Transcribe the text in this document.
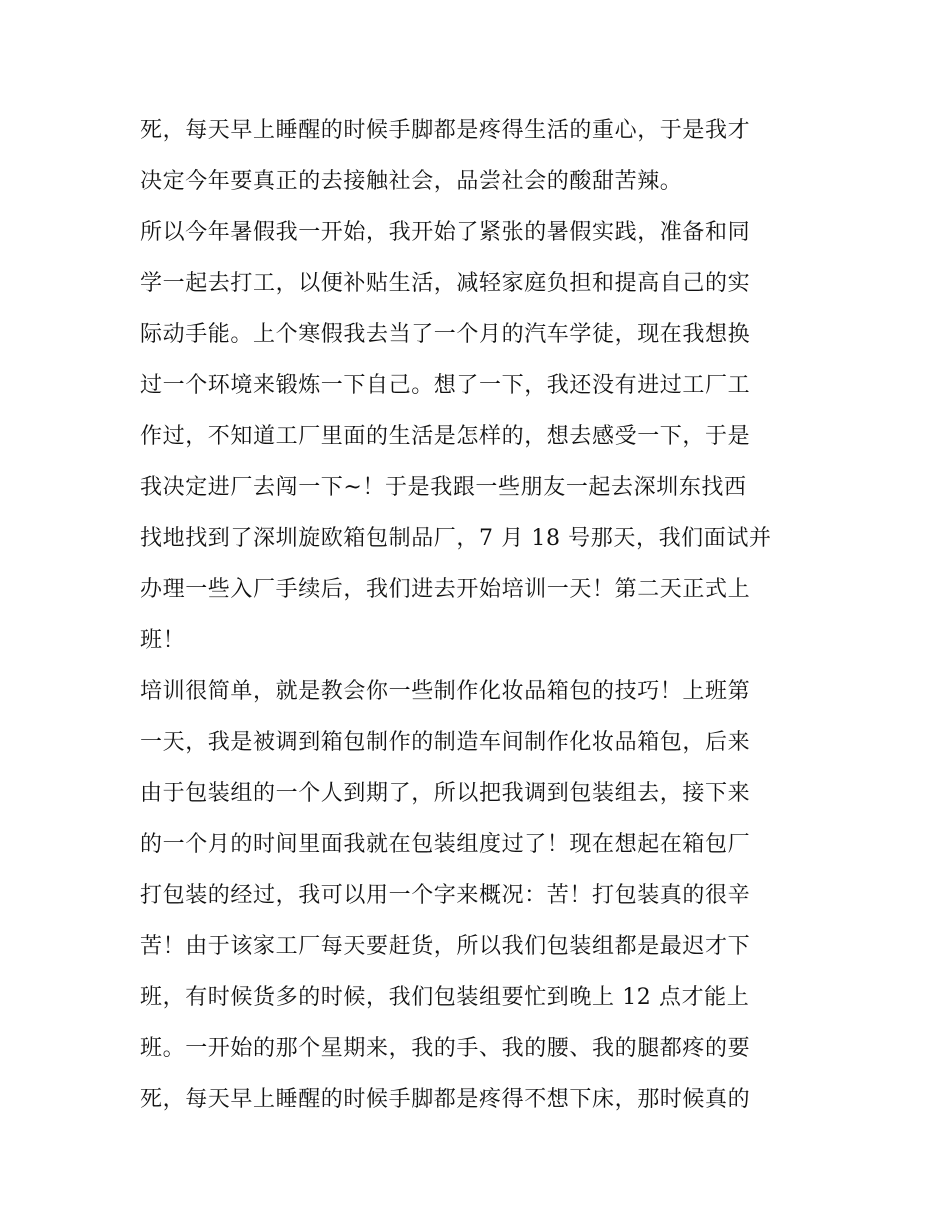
死，每天早上睡醒的时候手脚都是疼得生活的重心，于是我才
决定今年要真正的去接触社会，品尝社会的酸甜苦辣。
所以今年暑假我一开始，我开始了紧张的暑假实践，准备和同
学一起去打工，以便补贴生活，减轻家庭负担和提高自己的实
际动手能。上个寒假我去当了一个月的汽车学徒，现在我想换
过一个环境来锻炼一下自己。想了一下，我还没有进过工厂工
作过，不知道工厂里面的生活是怎样的，想去感受一下，于是
我决定进厂去闯一下~！于是我跟一些朋友一起去深圳东找西
找地找到了深圳旋欧箱包制品厂，7 月 18 号那天，我们面试并
办理一些入厂手续后，我们进去开始培训一天！第二天正式上
班！
培训很简单，就是教会你一些制作化妆品箱包的技巧！上班第
一天，我是被调到箱包制作的制造车间制作化妆品箱包，后来
由于包装组的一个人到期了，所以把我调到包装组去，接下来
的一个月的时间里面我就在包装组度过了！现在想起在箱包厂
打包装的经过，我可以用一个字来概况：苦！打包装真的很辛
苦！由于该家工厂每天要赶货，所以我们包装组都是最迟才下
班，有时候货多的时候，我们包装组要忙到晚上 12 点才能上
班。一开始的那个星期来，我的手、我的腰、我的腿都疼的要
死，每天早上睡醒的时候手脚都是疼得不想下床，那时候真的
